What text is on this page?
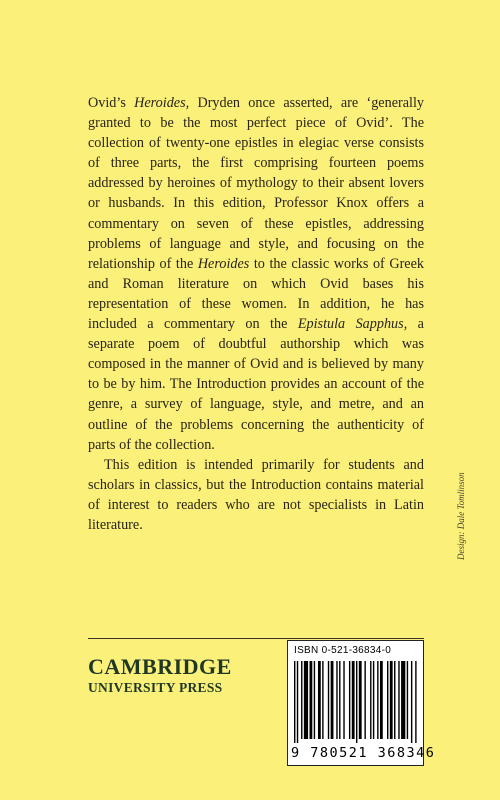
Ovid’s Heroides, Dryden once asserted, are ‘generally granted to be the most perfect piece of Ovid’. The collection of twenty-one epistles in elegiac verse consists of three parts, the first comprising fourteen poems addressed by heroines of mythology to their absent lovers or husbands. In this edition, Professor Knox offers a commentary on seven of these epistles, addressing problems of language and style, and focusing on the relationship of the Heroides to the classic works of Greek and Roman literature on which Ovid bases his representation of these women. In addition, he has included a commentary on the Epistula Sapphus, a separate poem of doubtful authorship which was composed in the manner of Ovid and is believed by many to be by him. The Introduction provides an account of the genre, a survey of language, style, and metre, and an outline of the problems concerning the authenticity of parts of the collection.

This edition is intended primarily for students and scholars in classics, but the Introduction contains material of interest to readers who are not specialists in Latin literature.	Design: Dale Tomlinson
CAMBRIDGE
UNIVERSITY PRESS
ISBN 0-521-36834-0
9 780521 368346
